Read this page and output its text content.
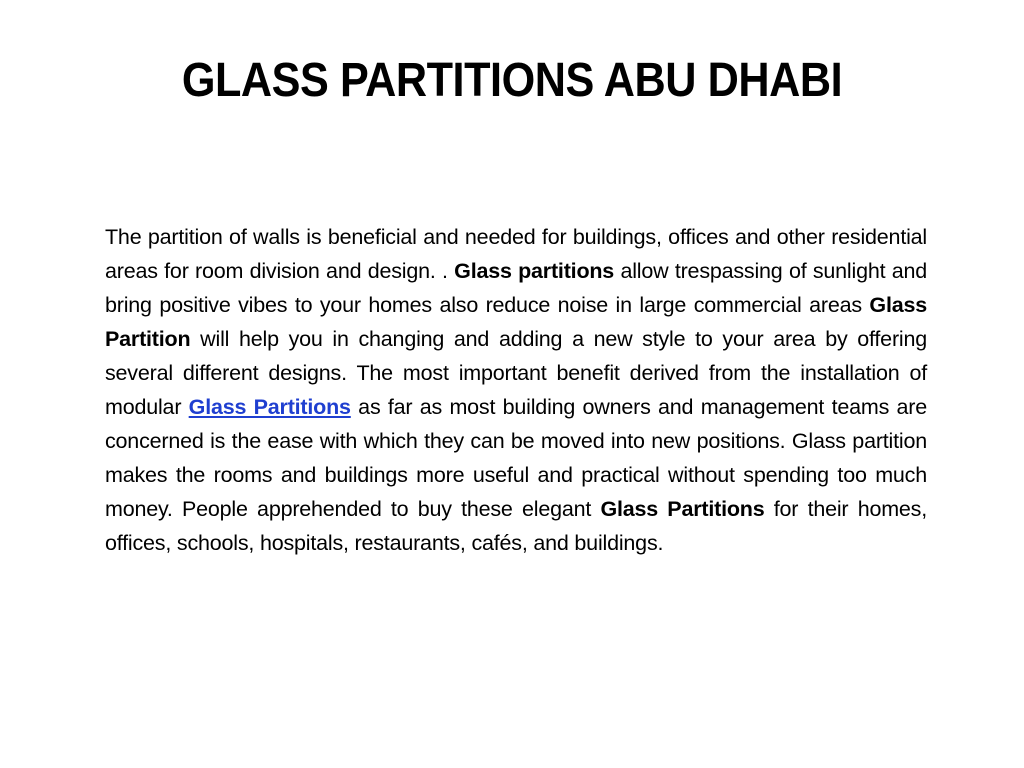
GLASS PARTITIONS ABU DHABI

The partition of walls is beneficial and needed for buildings, offices and other residential areas for room division and design. . Glass partitions allow trespassing of sunlight and bring positive vibes to your homes also reduce noise in large commercial areas Glass Partition will help you in changing and adding a new style to your area by offering several different designs. The most important benefit derived from the installation of modular Glass Partitions as far as most building owners and management teams are concerned is the ease with which they can be moved into new positions. Glass partition makes the rooms and buildings more useful and practical without spending too much money. People apprehended to buy these elegant Glass Partitions for their homes, offices, schools, hospitals, restaurants, cafés, and buildings.
